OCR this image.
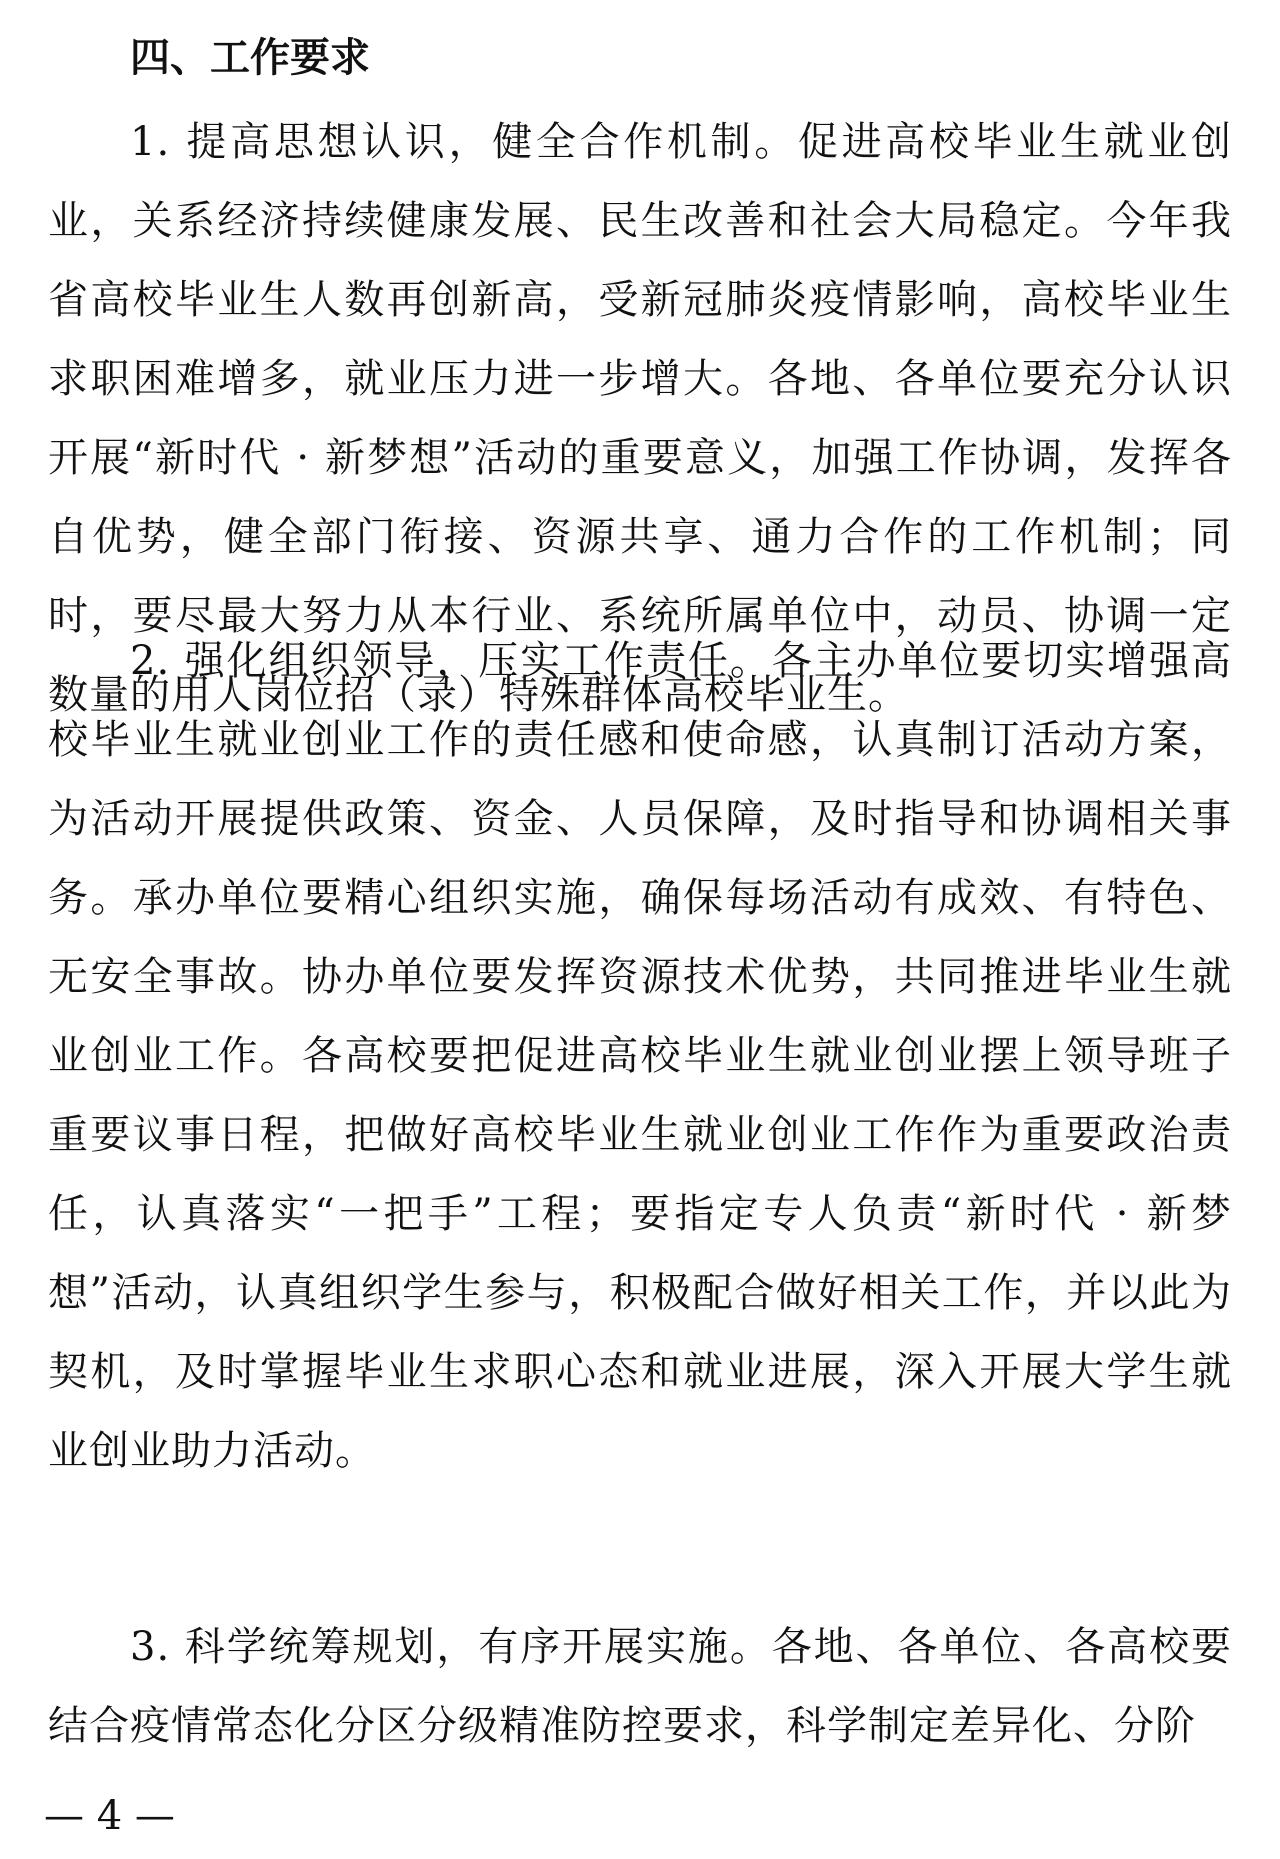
四、工作要求

1. 提高思想认识，健全合作机制。促进高校毕业生就业创业，关系经济持续健康发展、民生改善和社会大局稳定。今年我省高校毕业生人数再创新高，受新冠肺炎疫情影响，高校毕业生求职困难增多，就业压力进一步增大。各地、各单位要充分认识开展“新时代 · 新梦想”活动的重要意义，加强工作协调，发挥各自优势，健全部门衔接、资源共享、通力合作的工作机制；同时，要尽最大努力从本行业、系统所属单位中，动员、协调一定数量的用人岗位招（录）特殊群体高校毕业生。

2. 强化组织领导，压实工作责任。各主办单位要切实增强高校毕业生就业创业工作的责任感和使命感，认真制订活动方案，为活动开展提供政策、资金、人员保障，及时指导和协调相关事务。承办单位要精心组织实施，确保每场活动有成效、有特色、无安全事故。协办单位要发挥资源技术优势，共同推进毕业生就业创业工作。各高校要把促进高校毕业生就业创业摆上领导班子重要议事日程，把做好高校毕业生就业创业工作作为重要政治责任，认真落实“一把手”工程；要指定专人负责“新时代 · 新梦想”活动，认真组织学生参与，积极配合做好相关工作，并以此为契机，及时掌握毕业生求职心态和就业进展，深入开展大学生就业创业助力活动。

3. 科学统筹规划，有序开展实施。各地、各单位、各高校要结合疫情常态化分区分级精准防控要求，科学制定差异化、分阶

— 4 —
